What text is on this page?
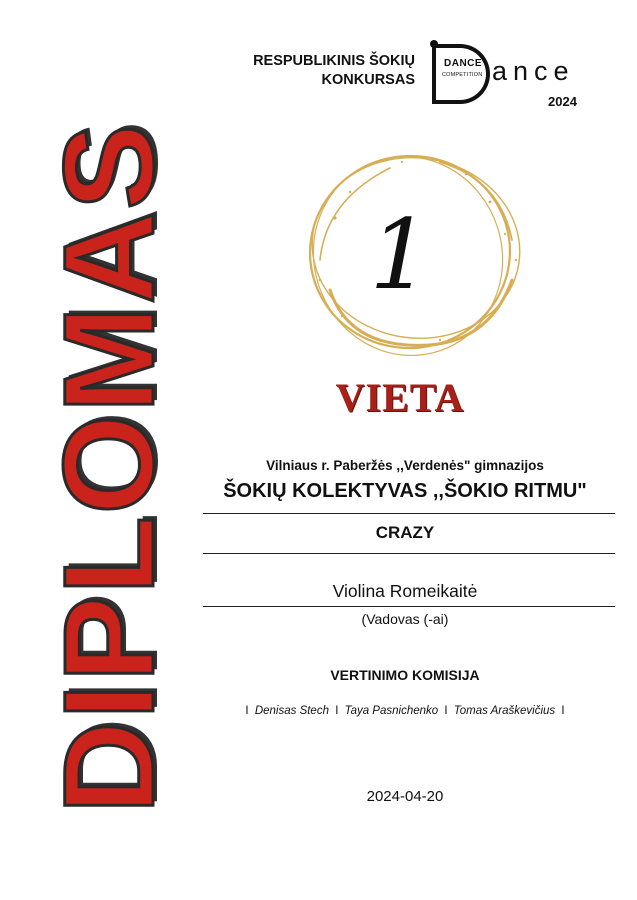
DIPLOMAS
RESPUBLIKINIS ŠOKIŲ
KONKURSAS
DANCE
COMPETITION ance
2024
1
VIETA
Vilniaus r. Paberžės ,,Verdenės" gimnazijos
ŠOKIŲ KOLEKTYVAS ,,ŠOKIO RITMU"
CRAZY
Violina Romeikaitė
(Vadovas (-ai)
VERTINIMO KOMISIJA
I Denisas Stech I Taya Pasnichenko I Tomas Araškevičius I
2024-04-20
